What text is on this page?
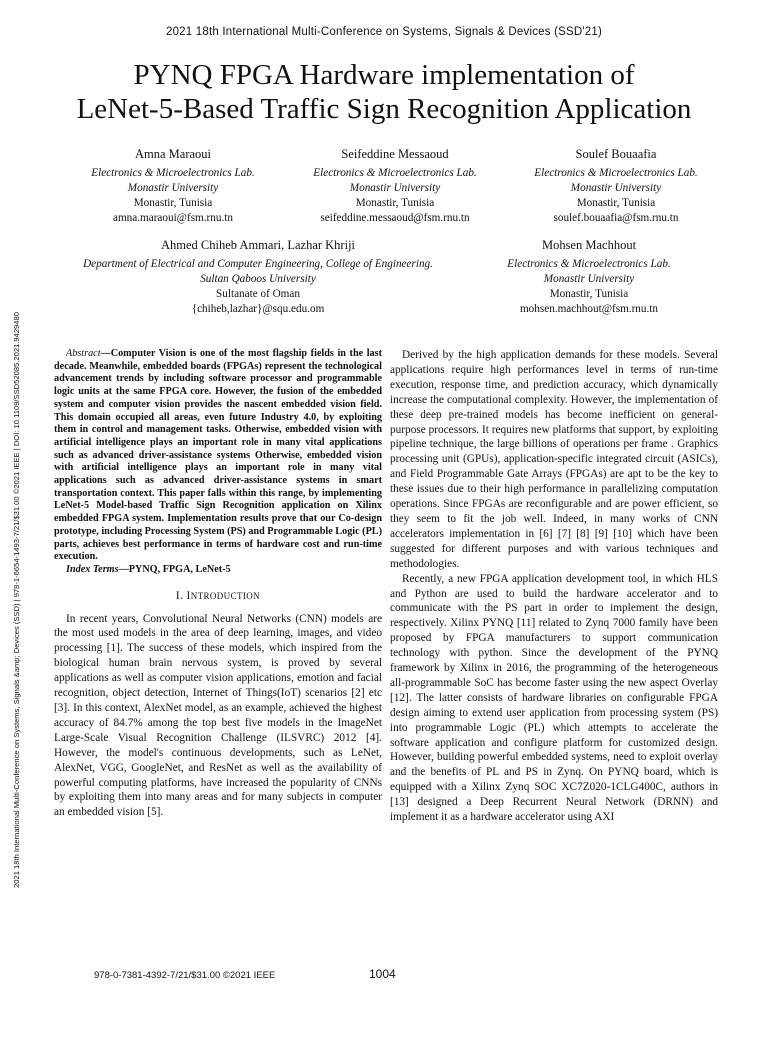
2021 18th International Multi-Conference on Systems, Signals & Devices (SSD'21)
PYNQ FPGA Hardware implementation of
LeNet-5-Based Traffic Sign Recognition Application
Amna Maraoui
Electronics & Microelectronics Lab.
Monastir University
Monastir, Tunisia
amna.maraoui@fsm.rnu.tn
Seifeddine Messaoud
Electronics & Microelectronics Lab.
Monastir University
Monastir, Tunisia
seifeddine.messaoud@fsm.rnu.tn
Soulef Bouaafia
Electronics & Microelectronics Lab.
Monastir University
Monastir, Tunisia
soulef.bouaafia@fsm.rnu.tn
Ahmed Chiheb Ammari, Lazhar Khriji
Department of Electrical and Computer Engineering, College of Engineering.
Sultan Qaboos University
Sultanate of Oman
{chiheb,lazhar}@squ.edu.om
Mohsen Machhout
Electronics & Microelectronics Lab.
Monastir University
Monastir, Tunisia
mohsen.machhout@fsm.rnu.tn
2021 18th International Multi-Conference on Systems, Signals &amp; Devices (SSD) | 978-1-6654-1493-7/21/$31.00 ©2021 IEEE | DOI: 10.1109/SSD52085.2021.9429480	Abstract—Computer Vision is one of the most flagship fields in the last decade. Meanwhile, embedded boards (FPGAs) represent the technological advancement trends by including software processor and programmable logic units at the same FPGA core. However, the fusion of the embedded system and computer vision provides the nascent embedded vision field. This domain occupied all areas, even future Industry 4.0, by exploiting them in control and management tasks. Otherwise, embedded vision with artificial intelligence plays an important role in many vital applications such as advanced driver-assistance systems Otherwise, embedded vision with artificial intelligence plays an important role in many vital applications such as advanced driver-assistance systems in smart transportation context. This paper falls within this range, by implementing LeNet-5 Model-based Traffic Sign Recognition application on Xilinx embedded FPGA system. Implementation results prove that our Co-design prototype, including Processing System (PS) and Programmable Logic (PL) parts, achieves best performance in terms of hardware cost and run-time execution.

Index Terms—PYNQ, FPGA, LeNet-5

I. INTRODUCTION

In recent years, Convolutional Neural Networks (CNN) models are the most used models in the area of deep learning, images, and video processing [1]. The success of these models, which inspired from the biological human brain nervous system, is proved by several applications as well as computer vision applications, emotion and facial recognition, object detection, Internet of Things(IoT) scenarios [2] etc [3]. In this context, AlexNet model, as an example, achieved the highest accuracy of 84.7% among the top best five models in the ImageNet Large-Scale Visual Recognition Challenge (ILSVRC) 2012 [4]. However, the model's continuous developments, such as LeNet, AlexNet, VGG, GoogleNet, and ResNet as well as the availability of powerful computing platforms, have increased the popularity of CNNs by exploiting them into many areas and for many subjects in computer an embedded vision [5].

Derived by the high application demands for these models. Several applications require high performances level in terms of run-time execution, response time, and prediction accuracy, which dynamically increase the computational complexity. However, the implementation of these deep pre-trained models has become inefficient on general-purpose processors. It requires new platforms that support, by exploiting pipeline technique, the large billions of operations per frame . Graphics processing unit (GPUs), application-specific integrated circuit (ASICs), and Field Programmable Gate Arrays (FPGAs) are apt to be the key to these issues due to their high performance in parallelizing computation operations. Since FPGAs are reconfigurable and are power efficient, so they seem to fit the job well. Indeed, in many works of CNN accelerators implementation in [6] [7] [8] [9] [10] which have been suggested for different purposes and with various techniques and methodologies.

Recently, a new FPGA application development tool, in which HLS and Python are used to build the hardware accelerator and to communicate with the PS part in order to implement the design, respectively. Xilinx PYNQ [11] related to Zynq 7000 family have been proposed by FPGA manufacturers to support communication technology with python. Since the development of the PYNQ framework by Xilinx in 2016, the programming of the heterogeneous all-programmable SoC has become faster using the new aspect Overlay [12]. The latter consists of hardware libraries on configurable FPGA design aiming to extend user application from processing system (PS) into programmable Logic (PL) which attempts to accelerate the software application and configure platform for customized design. However, building powerful embedded systems, need to exploit overlay and the benefits of PL and PS in Zynq. On PYNQ board, which is equipped with a Xilinx Zynq SOC XC7Z020-1CLG400C, authors in [13] designed a Deep Recurrent Neural Network (DRNN) and implement it as a hardware accelerator using AXI

978-0-7381-4392-7/21/$31.00 ©2021 IEEE	1004
